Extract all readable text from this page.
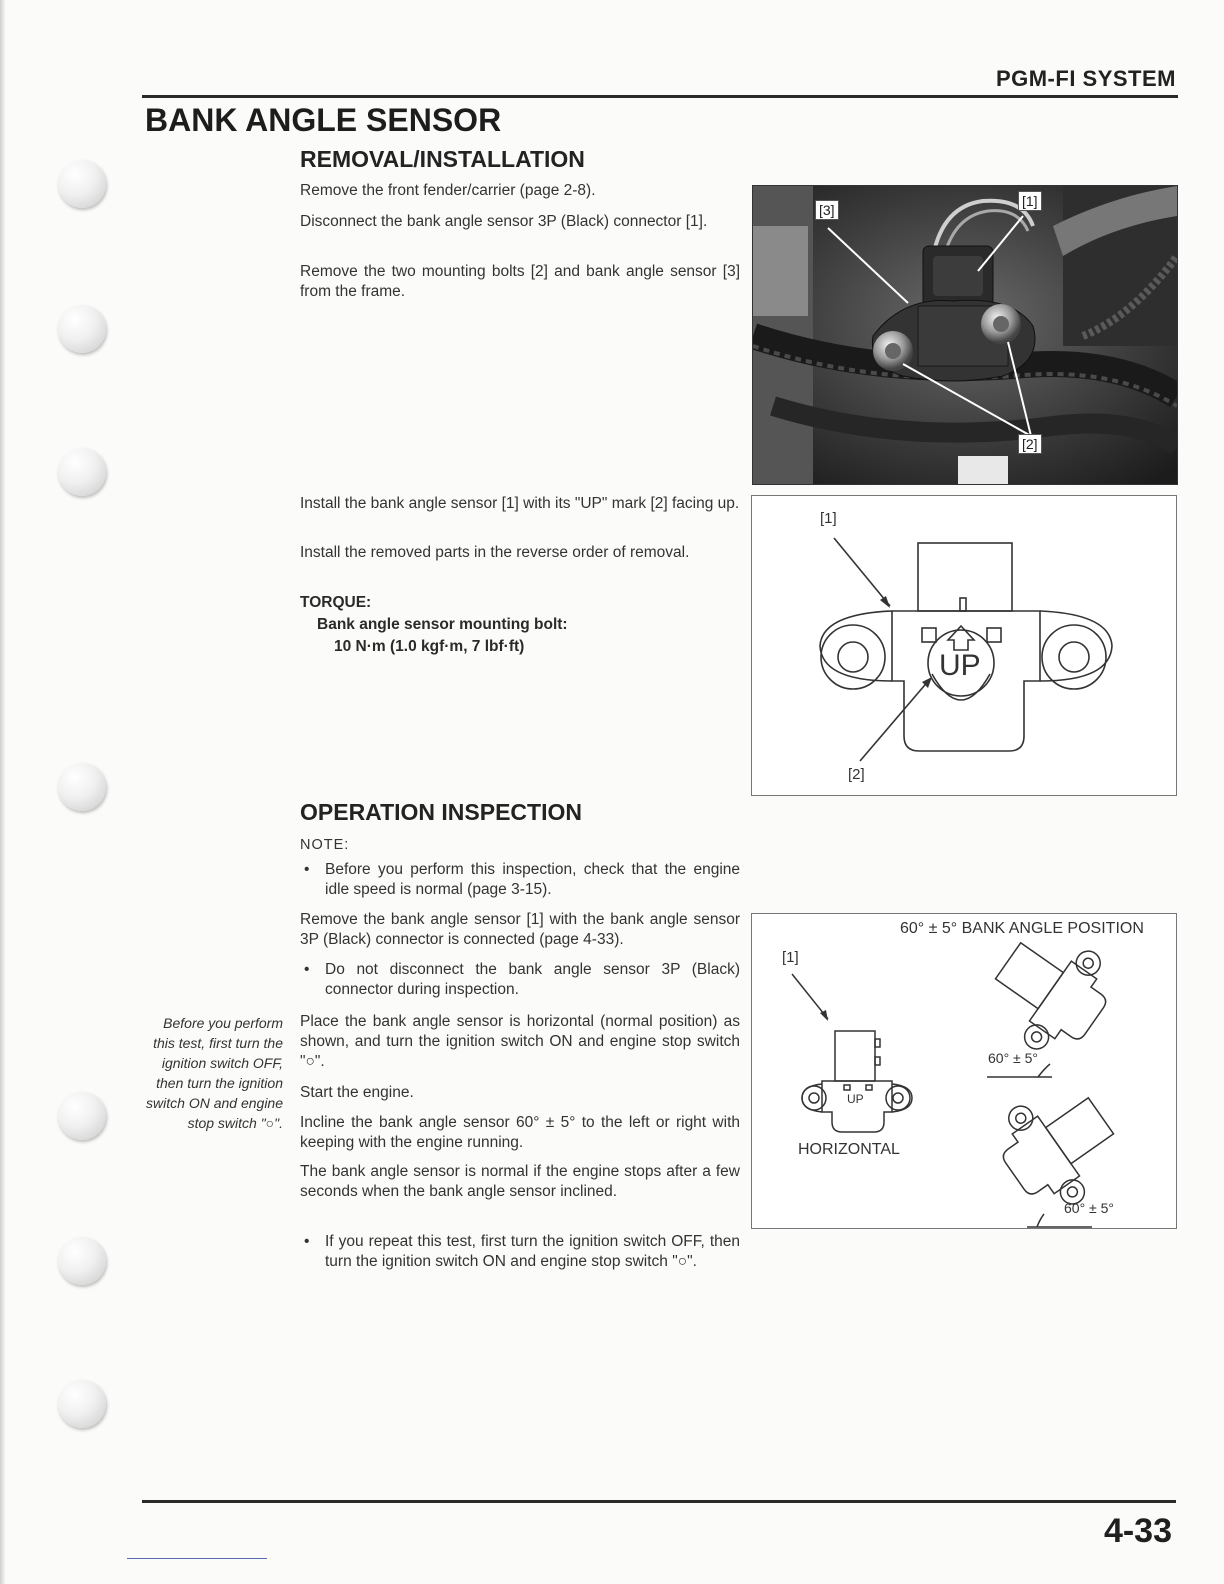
PGM-FI SYSTEM
BANK ANGLE SENSOR
REMOVAL/INSTALLATION
Remove the front fender/carrier (page 2-8).
Disconnect the bank angle sensor 3P (Black) connector [1].
Remove the two mounting bolts [2] and bank angle sensor [3] from the frame.
Install the bank angle sensor [1] with its "UP" mark [2] facing up.
Install the removed parts in the reverse order of removal.
TORQUE:
Bank angle sensor mounting bolt:
10 N·m (1.0 kgf·m, 7 lbf·ft)
[3]
[1]
[2]
[1]
[2]
UP
OPERATION INSPECTION
NOTE:
• Before you perform this inspection, check that the engine idle speed is normal (page 3-15).
Remove the bank angle sensor [1] with the bank angle sensor 3P (Black) connector is connected (page 4-33).
• Do not disconnect the bank angle sensor 3P (Black) connector during inspection.
Place the bank angle sensor is horizontal (normal position) as shown, and turn the ignition switch ON and engine stop switch "○".
Start the engine.
Incline the bank angle sensor 60° ± 5° to the left or right with keeping with the engine running.
The bank angle sensor is normal if the engine stops after a few seconds when the bank angle sensor inclined.
• If you repeat this test, first turn the ignition switch OFF, then turn the ignition switch ON and engine stop switch "○".
Before you perform this test, first turn the ignition switch OFF, then turn the ignition switch ON and engine stop switch "○".
60° ± 5° BANK ANGLE POSITION
[1]
HORIZONTAL
60° ± 5°
60° ± 5°
UP
4-33
